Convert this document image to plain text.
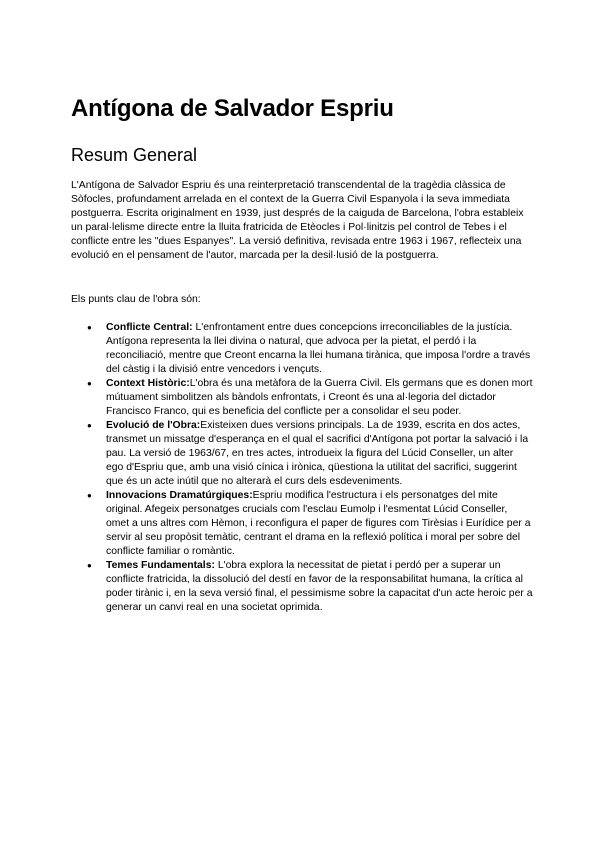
Antígona de Salvador Espriu
Resum General

L'Antígona de Salvador Espriu és una reinterpretació transcendental de la tragèdia clàssica de Sòfocles, profundament arrelada en el context de la Guerra Civil Espanyola i la seva immediata postguerra. Escrita originalment en 1939, just després de la caiguda de Barcelona, l'obra estableix un paral·lelisme directe entre la lluita fratricida de Etèocles i Pol·linitzis pel control de Tebes i el conflicte entre les "dues Espanyes". La versió definitiva, revisada entre 1963 i 1967, reflecteix una evolució en el pensament de l'autor, marcada per la desil·lusió de la postguerra.

Els punts clau de l'obra són:

● Conflicte Central: L'enfrontament entre dues concepcions irreconciliables de la justícia. Antígona representa la llei divina o natural, que advoca per la pietat, el perdó i la reconciliació, mentre que Creont encarna la llei humana tirànica, que imposa l'ordre a través del càstig i la divisió entre vencedors i vençuts.
● Context Històric:L'obra és una metàfora de la Guerra Civil. Els germans que es donen mort mútuament simbolitzen als bàndols enfrontats, i Creont és una al·legoria del dictador Francisco Franco, qui es beneficia del conflicte per a consolidar el seu poder.
● Evolució de l'Obra:Existeixen dues versions principals. La de 1939, escrita en dos actes, transmet un missatge d'esperança en el qual el sacrifici d'Antígona pot portar la salvació i la pau. La versió de 1963/67, en tres actes, introdueix la figura del Lúcid Conseller, un alter ego d'Espriu que, amb una visió cínica i irònica, qüestiona la utilitat del sacrifici, suggerint que és un acte inútil que no alterarà el curs dels esdeveniments.
● Innovacions Dramatúrgiques:Espriu modifica l'estructura i els personatges del mite original. Afegeix personatges crucials com l'esclau Eumolp i l'esmentat Lúcid Conseller, omet a uns altres com Hèmon, i reconfigura el paper de figures com Tirèsias i Eurídice per a servir al seu propòsit temàtic, centrant el drama en la reflexió política i moral per sobre del conflicte familiar o romàntic.
● Temes Fundamentals: L'obra explora la necessitat de pietat i perdó per a superar un conflicte fratricida, la dissolució del destí en favor de la responsabilitat humana, la crítica al poder tirànic i, en la seva versió final, el pessimisme sobre la capacitat d'un acte heroic per a generar un canvi real en una societat oprimida.
